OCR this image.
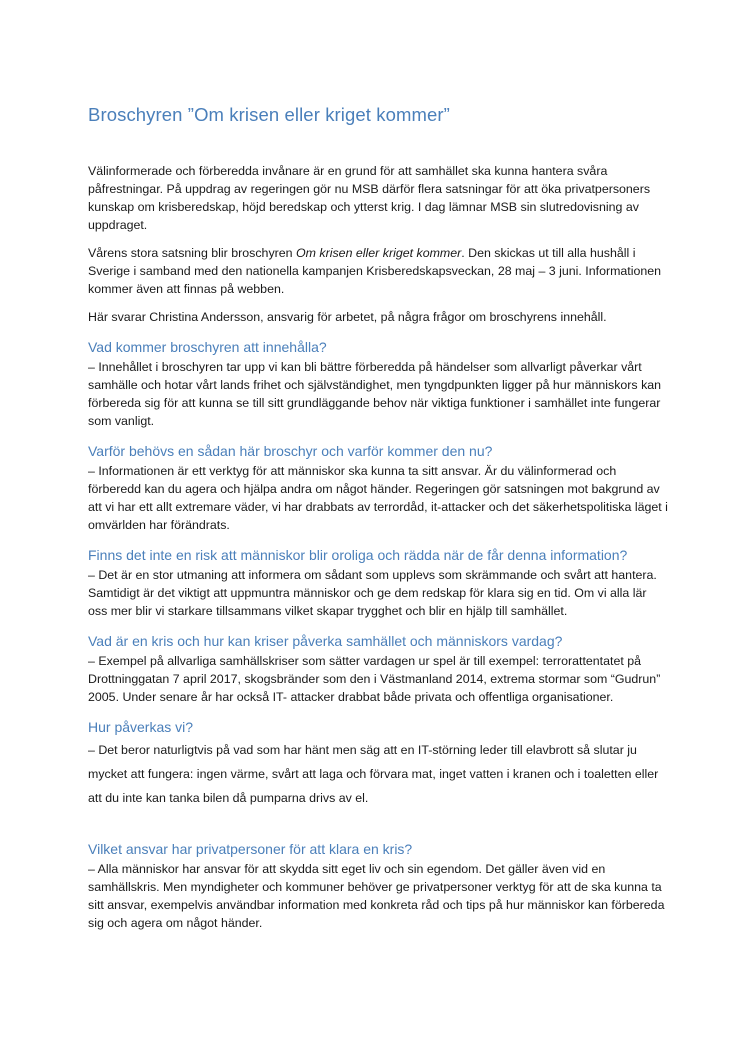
Broschyren ”Om krisen eller kriget kommer”

Välinformerade och förberedda invånare är en grund för att samhället ska kunna hantera svåra påfrestningar. På uppdrag av regeringen gör nu MSB därför flera satsningar för att öka privatpersoners kunskap om krisberedskap, höjd beredskap och ytterst krig. I dag lämnar MSB sin slutredovisning av uppdraget.

Vårens stora satsning blir broschyren Om krisen eller kriget kommer. Den skickas ut till alla hushåll i Sverige i samband med den nationella kampanjen Krisberedskapsveckan, 28 maj – 3 juni. Informationen kommer även att finnas på webben.

Här svarar Christina Andersson, ansvarig för arbetet, på några frågor om broschyrens innehåll.

Vad kommer broschyren att innehålla?

– Innehållet i broschyren tar upp vi kan bli bättre förberedda på händelser som allvarligt påverkar vårt samhälle och hotar vårt lands frihet och självständighet, men tyngdpunkten ligger på hur människors kan förbereda sig för att kunna se till sitt grundläggande behov när viktiga funktioner i samhället inte fungerar som vanligt.

Varför behövs en sådan här broschyr och varför kommer den nu?

– Informationen är ett verktyg för att människor ska kunna ta sitt ansvar. Är du välinformerad och förberedd kan du agera och hjälpa andra om något händer. Regeringen gör satsningen mot bakgrund av att vi har ett allt extremare väder, vi har drabbats av terrordåd, it-attacker och det säkerhetspolitiska läget i omvärlden har förändrats.

Finns det inte en risk att människor blir oroliga och rädda när de får denna information?

– Det är en stor utmaning att informera om sådant som upplevs som skrämmande och svårt att hantera. Samtidigt är det viktigt att uppmuntra människor och ge dem redskap för klara sig en tid. Om vi alla lär oss mer blir vi starkare tillsammans vilket skapar trygghet och blir en hjälp till samhället.

Vad är en kris och hur kan kriser påverka samhället och människors vardag?

– Exempel på allvarliga samhällskriser som sätter vardagen ur spel är till exempel: terrorattentatet på Drottninggatan 7 april 2017, skogsbränder som den i Västmanland 2014, extrema stormar som “Gudrun” 2005. Under senare år har också IT- attacker drabbat både privata och offentliga organisationer.

Hur påverkas vi?

– Det beror naturligtvis på vad som har hänt men säg att en IT-störning leder till elavbrott så slutar ju mycket att fungera: ingen värme, svårt att laga och förvara mat, inget vatten i kranen och i toaletten eller att du inte kan tanka bilen då pumparna drivs av el.

Vilket ansvar har privatpersoner för att klara en kris?

– Alla människor har ansvar för att skydda sitt eget liv och sin egendom. Det gäller även vid en samhällskris. Men myndigheter och kommuner behöver ge privatpersoner verktyg för att de ska kunna ta sitt ansvar, exempelvis användbar information med konkreta råd och tips på hur människor kan förbereda sig och agera om något händer.
